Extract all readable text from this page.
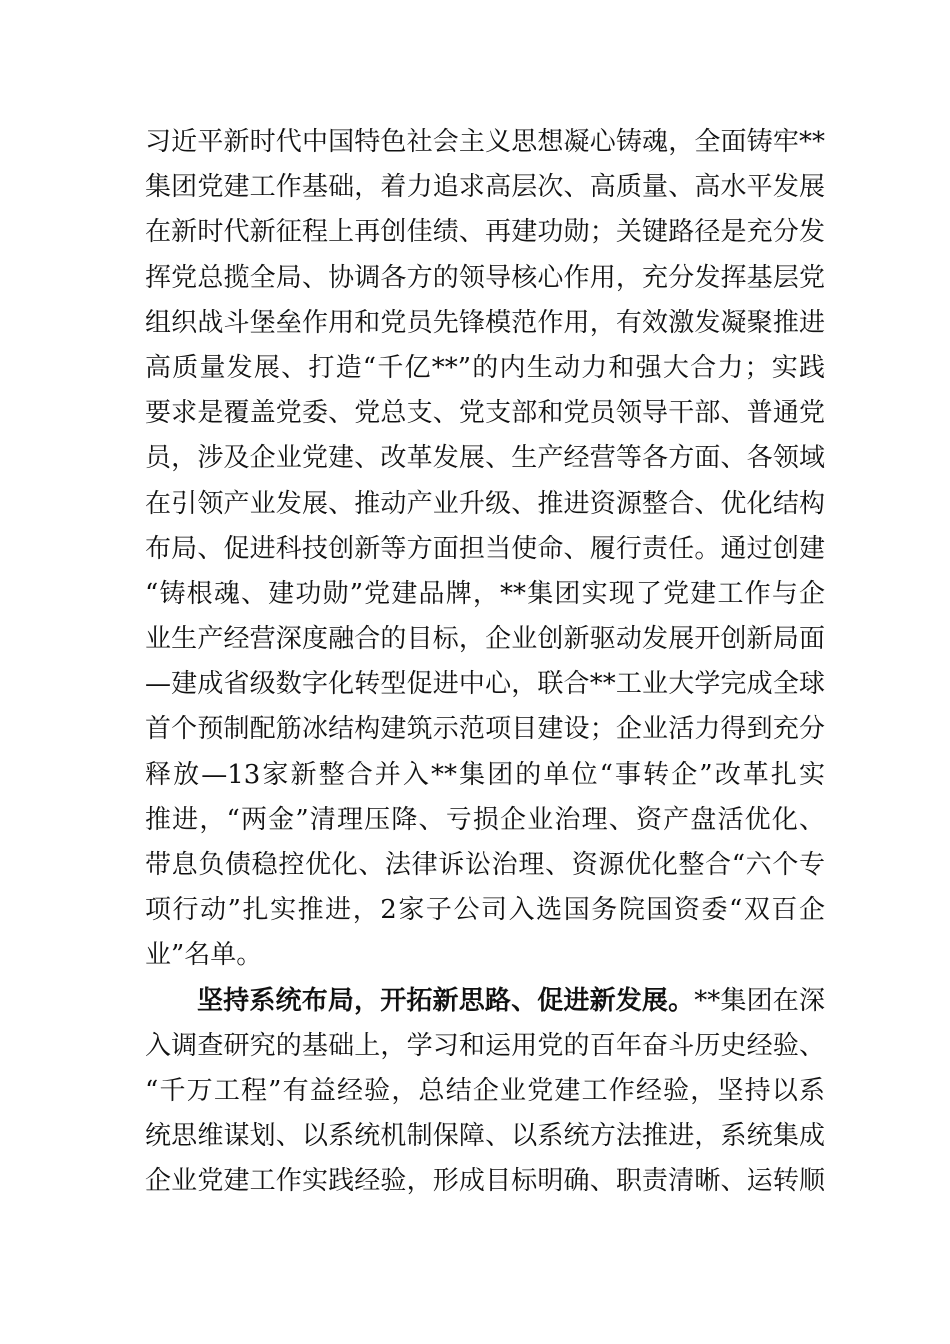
习近平新时代中国特色社会主义思想凝心铸魂，全面铸牢**
集团党建工作基础，着力追求高层次、高质量、高水平发展
在新时代新征程上再创佳绩、再建功勋；关键路径是充分发
挥党总揽全局、协调各方的领导核心作用，充分发挥基层党
组织战斗堡垒作用和党员先锋模范作用，有效激发凝聚推进
高质量发展、打造“千亿**”的内生动力和强大合力；实践
要求是覆盖党委、党总支、党支部和党员领导干部、普通党
员，涉及企业党建、改革发展、生产经营等各方面、各领域
在引领产业发展、推动产业升级、推进资源整合、优化结构
布局、促进科技创新等方面担当使命、履行责任。通过创建
“铸根魂、建功勋”党建品牌，**集团实现了党建工作与企
业生产经营深度融合的目标，企业创新驱动发展开创新局面
—建成省级数字化转型促进中心，联合**工业大学完成全球
首个预制配筋冰结构建筑示范项目建设；企业活力得到充分
释放—13家新整合并入**集团的单位“事转企”改革扎实
推进，“两金”清理压降、亏损企业治理、资产盘活优化、
带息负债稳控优化、法律诉讼治理、资源优化整合“六个专
项行动”扎实推进，2家子公司入选国务院国资委“双百企
业”名单。
坚持系统布局，开拓新思路、促进新发展。**集团在深
入调查研究的基础上，学习和运用党的百年奋斗历史经验、
“千万工程”有益经验，总结企业党建工作经验，坚持以系
统思维谋划、以系统机制保障、以系统方法推进，系统集成
企业党建工作实践经验，形成目标明确、职责清晰、运转顺
